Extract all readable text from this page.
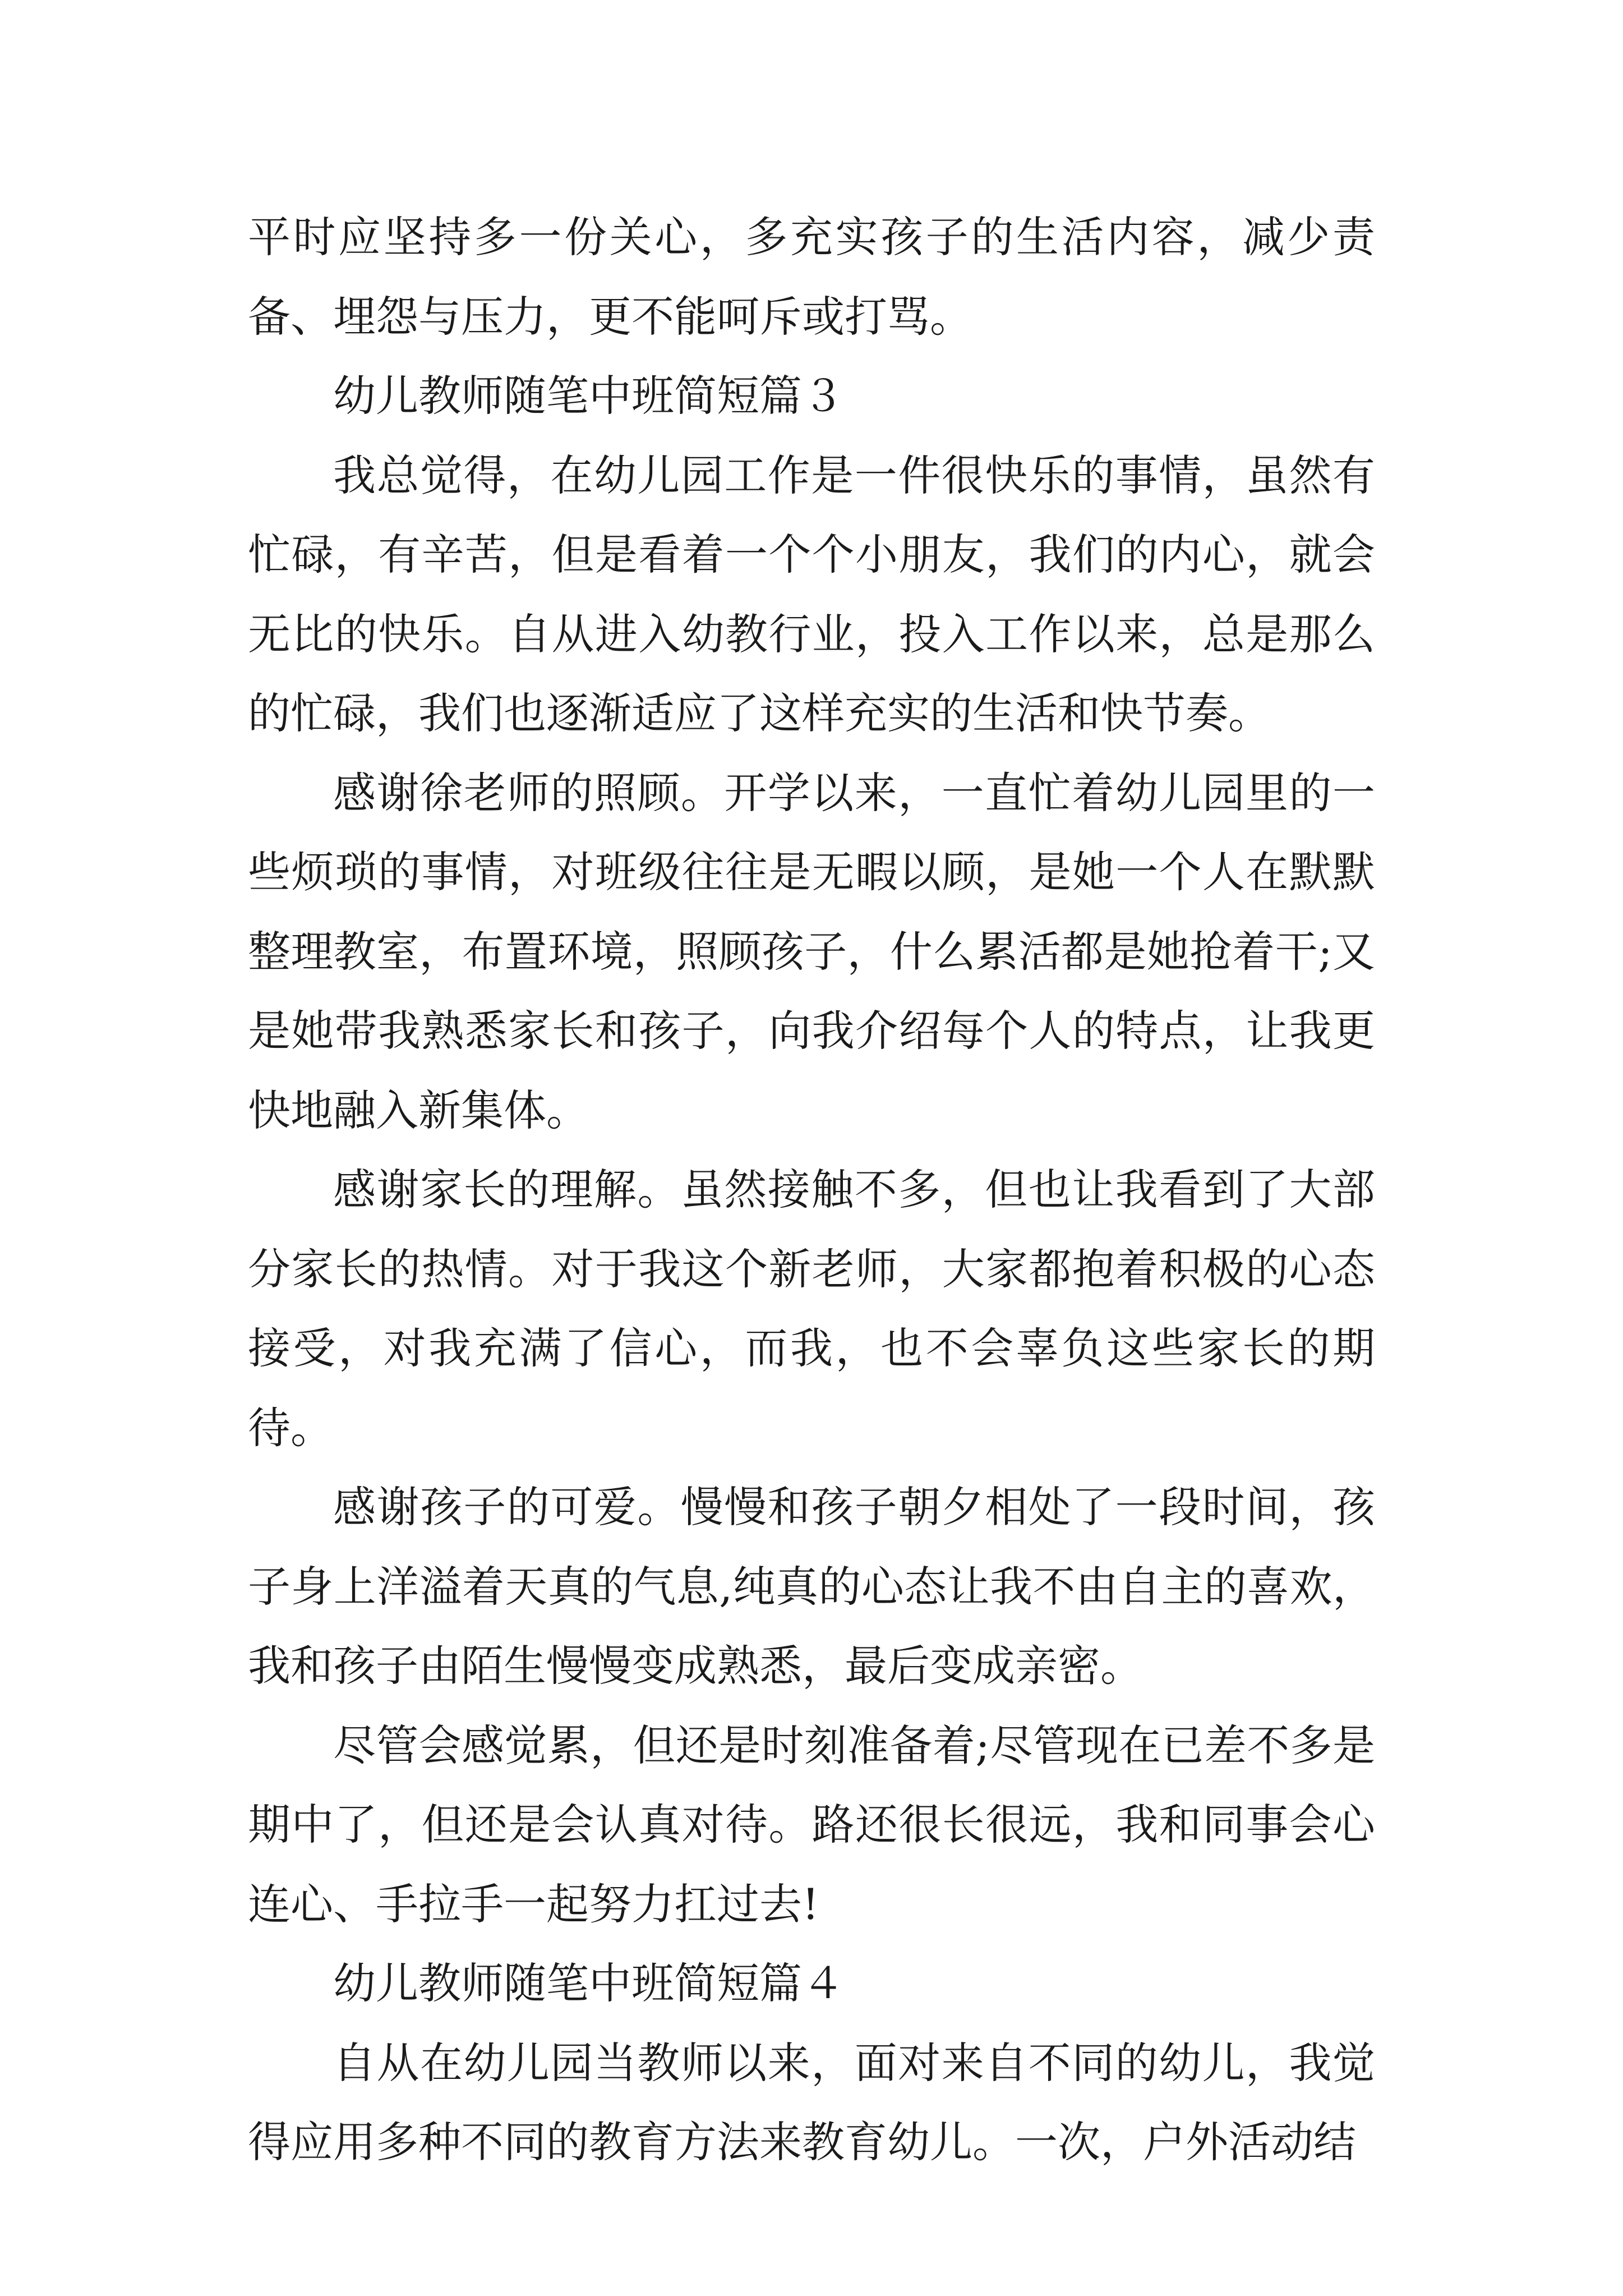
平时应坚持多一份关心，多充实孩子的生活内容，减少责备、埋怨与压力，更不能呵斥或打骂。

幼儿教师随笔中班简短篇３

我总觉得，在幼儿园工作是一件很快乐的事情，虽然有忙碌，有辛苦，但是看着一个个小朋友，我们的内心，就会无比的快乐。自从进入幼教行业，投入工作以来，总是那么的忙碌，我们也逐渐适应了这样充实的生活和快节奏。

感谢徐老师的照顾。开学以来，一直忙着幼儿园里的一些烦琐的事情，对班级往往是无暇以顾，是她一个人在默默整理教室，布置环境，照顾孩子，什么累活都是她抢着干;又是她带我熟悉家长和孩子，向我介绍每个人的特点，让我更快地融入新集体。

感谢家长的理解。虽然接触不多，但也让我看到了大部分家长的热情。对于我这个新老师，大家都抱着积极的心态接受，对我充满了信心，而我，也不会辜负这些家长的期待。

感谢孩子的可爱。慢慢和孩子朝夕相处了一段时间，孩子身上洋溢着天真的气息,纯真的心态让我不由自主的喜欢，我和孩子由陌生慢慢变成熟悉，最后变成亲密。

尽管会感觉累，但还是时刻准备着;尽管现在已差不多是期中了，但还是会认真对待。路还很长很远，我和同事会心连心、手拉手一起努力扛过去!

幼儿教师随笔中班简短篇４

自从在幼儿园当教师以来，面对来自不同的幼儿，我觉得应用多种不同的教育方法来教育幼儿。一次，户外活动结
